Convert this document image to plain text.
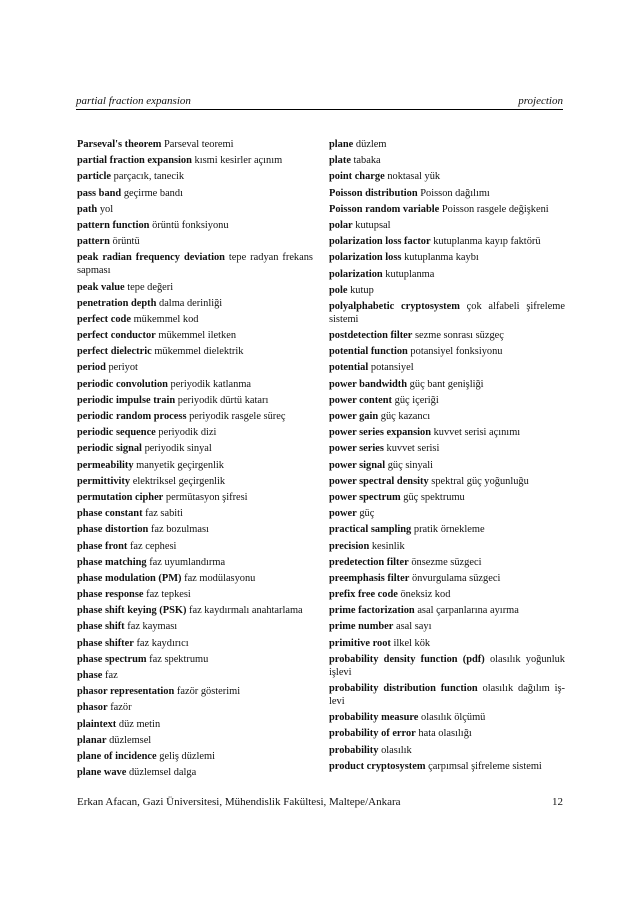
partial fraction expansion	projection
Parseval's theorem Parseval teoremi
partial fraction expansion kısmi kesirler açınım
particle parçacık, tanecik
pass band geçirme bandı
path yol
pattern function örüntü fonksiyonu
pattern örüntü
peak radian frequency deviation tepe radyan frekans sapması
peak value tepe değeri
penetration depth dalma derinliği
perfect code mükemmel kod
perfect conductor mükemmel iletken
perfect dielectric mükemmel dielektrik
period periyot
periodic convolution periyodik katlanma
periodic impulse train periyodik dürtü katarı
periodic random process periyodik rasgele süreç
periodic sequence periyodik dizi
periodic signal periyodik sinyal
permeability manyetik geçirgenlik
permittivity elektriksel geçirgenlik
permutation cipher permütasyon şifresi
phase constant faz sabiti
phase distortion faz bozulması
phase front faz cephesi
phase matching faz uyumlandırma
phase modulation (PM) faz modülasyonu
phase response faz tepkesi
phase shift keying (PSK) faz kaydırmalı anahtarlama
phase shift faz kayması
phase shifter faz kaydırıcı
phase spectrum faz spektrumu
phase faz
phasor representation fazör gösterimi
phasor fazör
plaintext düz metin
planar düzlemsel
plane of incidence geliş düzlemi
plane wave düzlemsel dalga
plane düzlem
plate tabaka
point charge noktasal yük
Poisson distribution Poisson dağılımı
Poisson random variable Poisson rasgele değişkeni
polar kutupsal
polarization loss factor kutuplanma kayıp faktörü
polarization loss kutuplanma kaybı
polarization kutuplanma
pole kutup
polyalphabetic cryptosystem çok alfabeli şifreleme sistemi
postdetection filter sezme sonrası süzgeç
potential function potansiyel fonksiyonu
potential potansiyel
power bandwidth güç bant genişliği
power content güç içeriği
power gain güç kazancı
power series expansion kuvvet serisi açınımı
power series kuvvet serisi
power signal güç sinyali
power spectral density spektral güç yoğunluğu
power spectrum güç spektrumu
power güç
practical sampling pratik örnekleme
precision kesinlik
predetection filter önsezme süzgeci
preemphasis filter önvurgulama süzgeci
prefix free code öneksiz kod
prime factorization asal çarpanlarına ayırma
prime number asal sayı
primitive root ilkel kök
probability density function (pdf) olasılık yoğunluk işlevi
probability distribution function olasılık dağılım iş-levi
probability measure olasılık ölçümü
probability of error hata olasılığı
probability olasılık
product cryptosystem çarpımsal şifreleme sistemi
Erkan Afacan, Gazi Üniversitesi, Mühendislik Fakültesi, Maltepe/Ankara	12
